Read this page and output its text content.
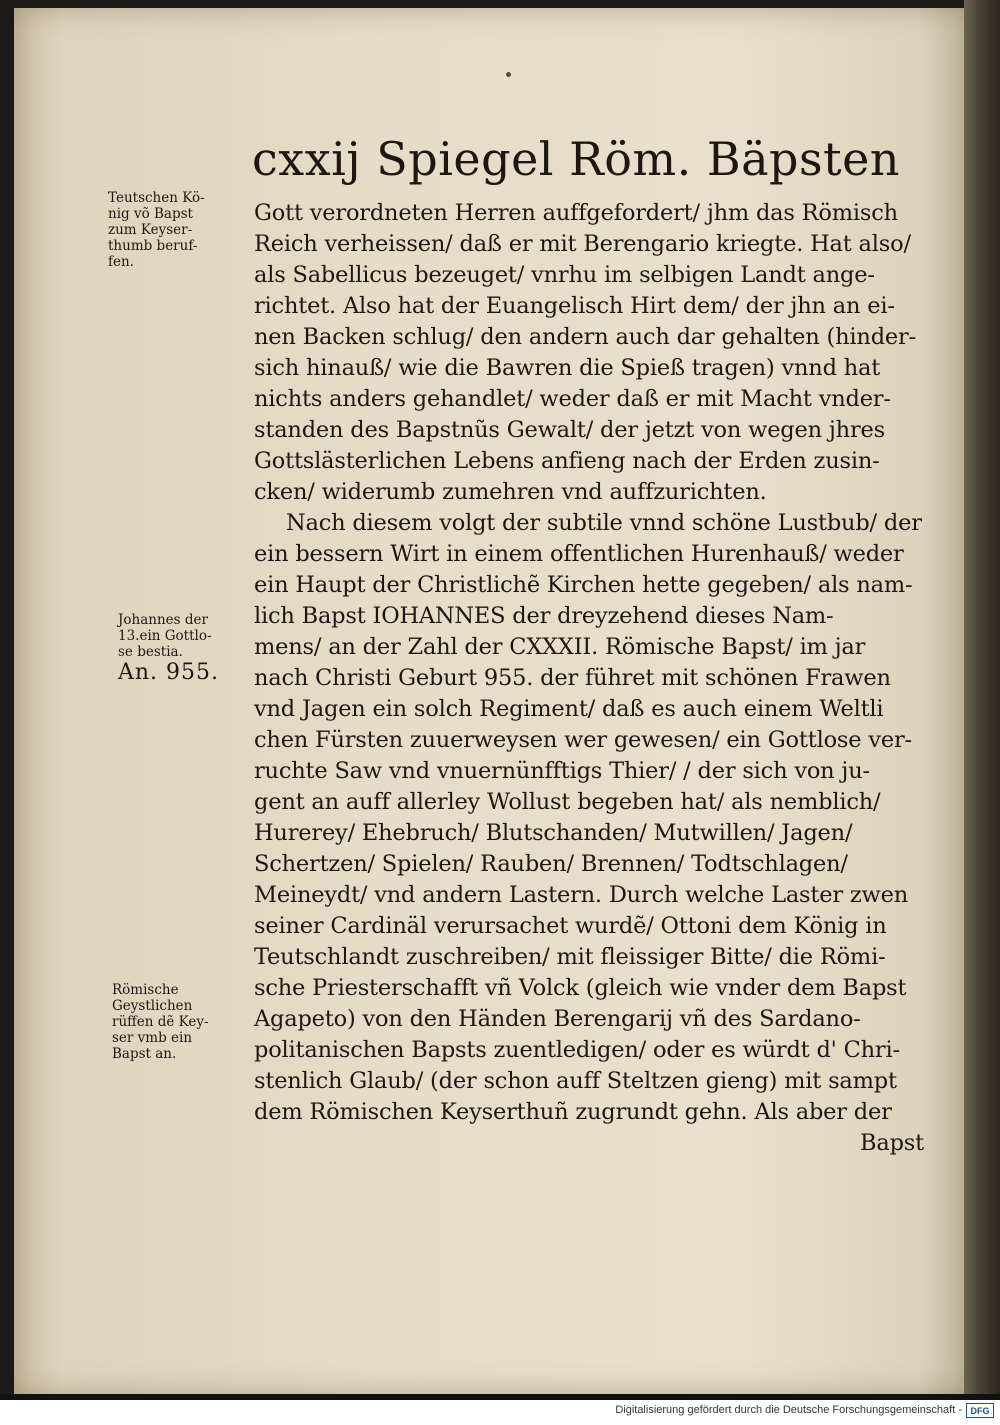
cxxij Spiegel Röm. Bäpsten
Teutschen Kö-
nig võ Bapst
zum Keyser-
thumb beruf-
fen.
Johannes der
13.ein Gottlo-
se bestia.
An. 955.
Römische
Geystlichen
rüffen dẽ Key-
ser vmb ein
Bapst an.
Gott verordneten Herren auffgefordert/ jhm das Römisch
Reich verheissen/ daß er mit Berengario kriegte. Hat also/
als Sabellicus bezeuget/ vnrhu im selbigen Landt ange-
richtet. Also hat der Euangelisch Hirt dem/ der jhn an ei-
nen Backen schlug/ den andern auch dar gehalten (hinder-
sich hinauß/ wie die Bawren die Spieß tragen) vnnd hat
nichts anders gehandlet/ weder daß er mit Macht vnder-
standen des Bapstnũs Gewalt/ der jetzt von wegen jhres
Gottslästerlichen Lebens anfieng nach der Erden zusin-
cken/ widerumb zumehren vnd auffzurichten.
Nach diesem volgt der subtile vnnd schöne Lustbub/ der
ein bessern Wirt in einem offentlichen Hurenhauß/ weder
ein Haupt der Christlichẽ Kirchen hette gegeben/ als nam-
lich Bapst IOHANNES der dreyzehend dieses Nam-
mens/ an der Zahl der CXXXII. Römische Bapst/ im jar
nach Christi Geburt 955. der führet mit schönen Frawen
vnd Jagen ein solch Regiment/ daß es auch einem Weltli
chen Fürsten zuuerweysen wer gewesen/ ein Gottlose ver-
ruchte Saw vnd vnuernünfftigs Thier/ / der sich von ju-
gent an auff allerley Wollust begeben hat/ als nemblich/
Hurerey/ Ehebruch/ Blutschanden/ Mutwillen/ Jagen/
Schertzen/ Spielen/ Rauben/ Brennen/ Todtschlagen/
Meineydt/ vnd andern Lastern. Durch welche Laster zwen
seiner Cardinäl verursachet wurdẽ/ Ottoni dem König in
Teutschlandt zuschreiben/ mit fleissiger Bitte/ die Römi-
sche Priesterschafft vñ Volck (gleich wie vnder dem Bapst
Agapeto) von den Händen Berengarij vñ des Sardano-
politanischen Bapsts zuentledigen/ oder es würdt d' Chri-
stenlich Glaub/ (der schon auff Steltzen gieng) mit sampt
dem Römischen Keyserthuñ zugrundt gehn. Als aber der
Bapst
Digitalisierung gefördert durch die Deutsche Forschungsgemeinschaft - DFG
